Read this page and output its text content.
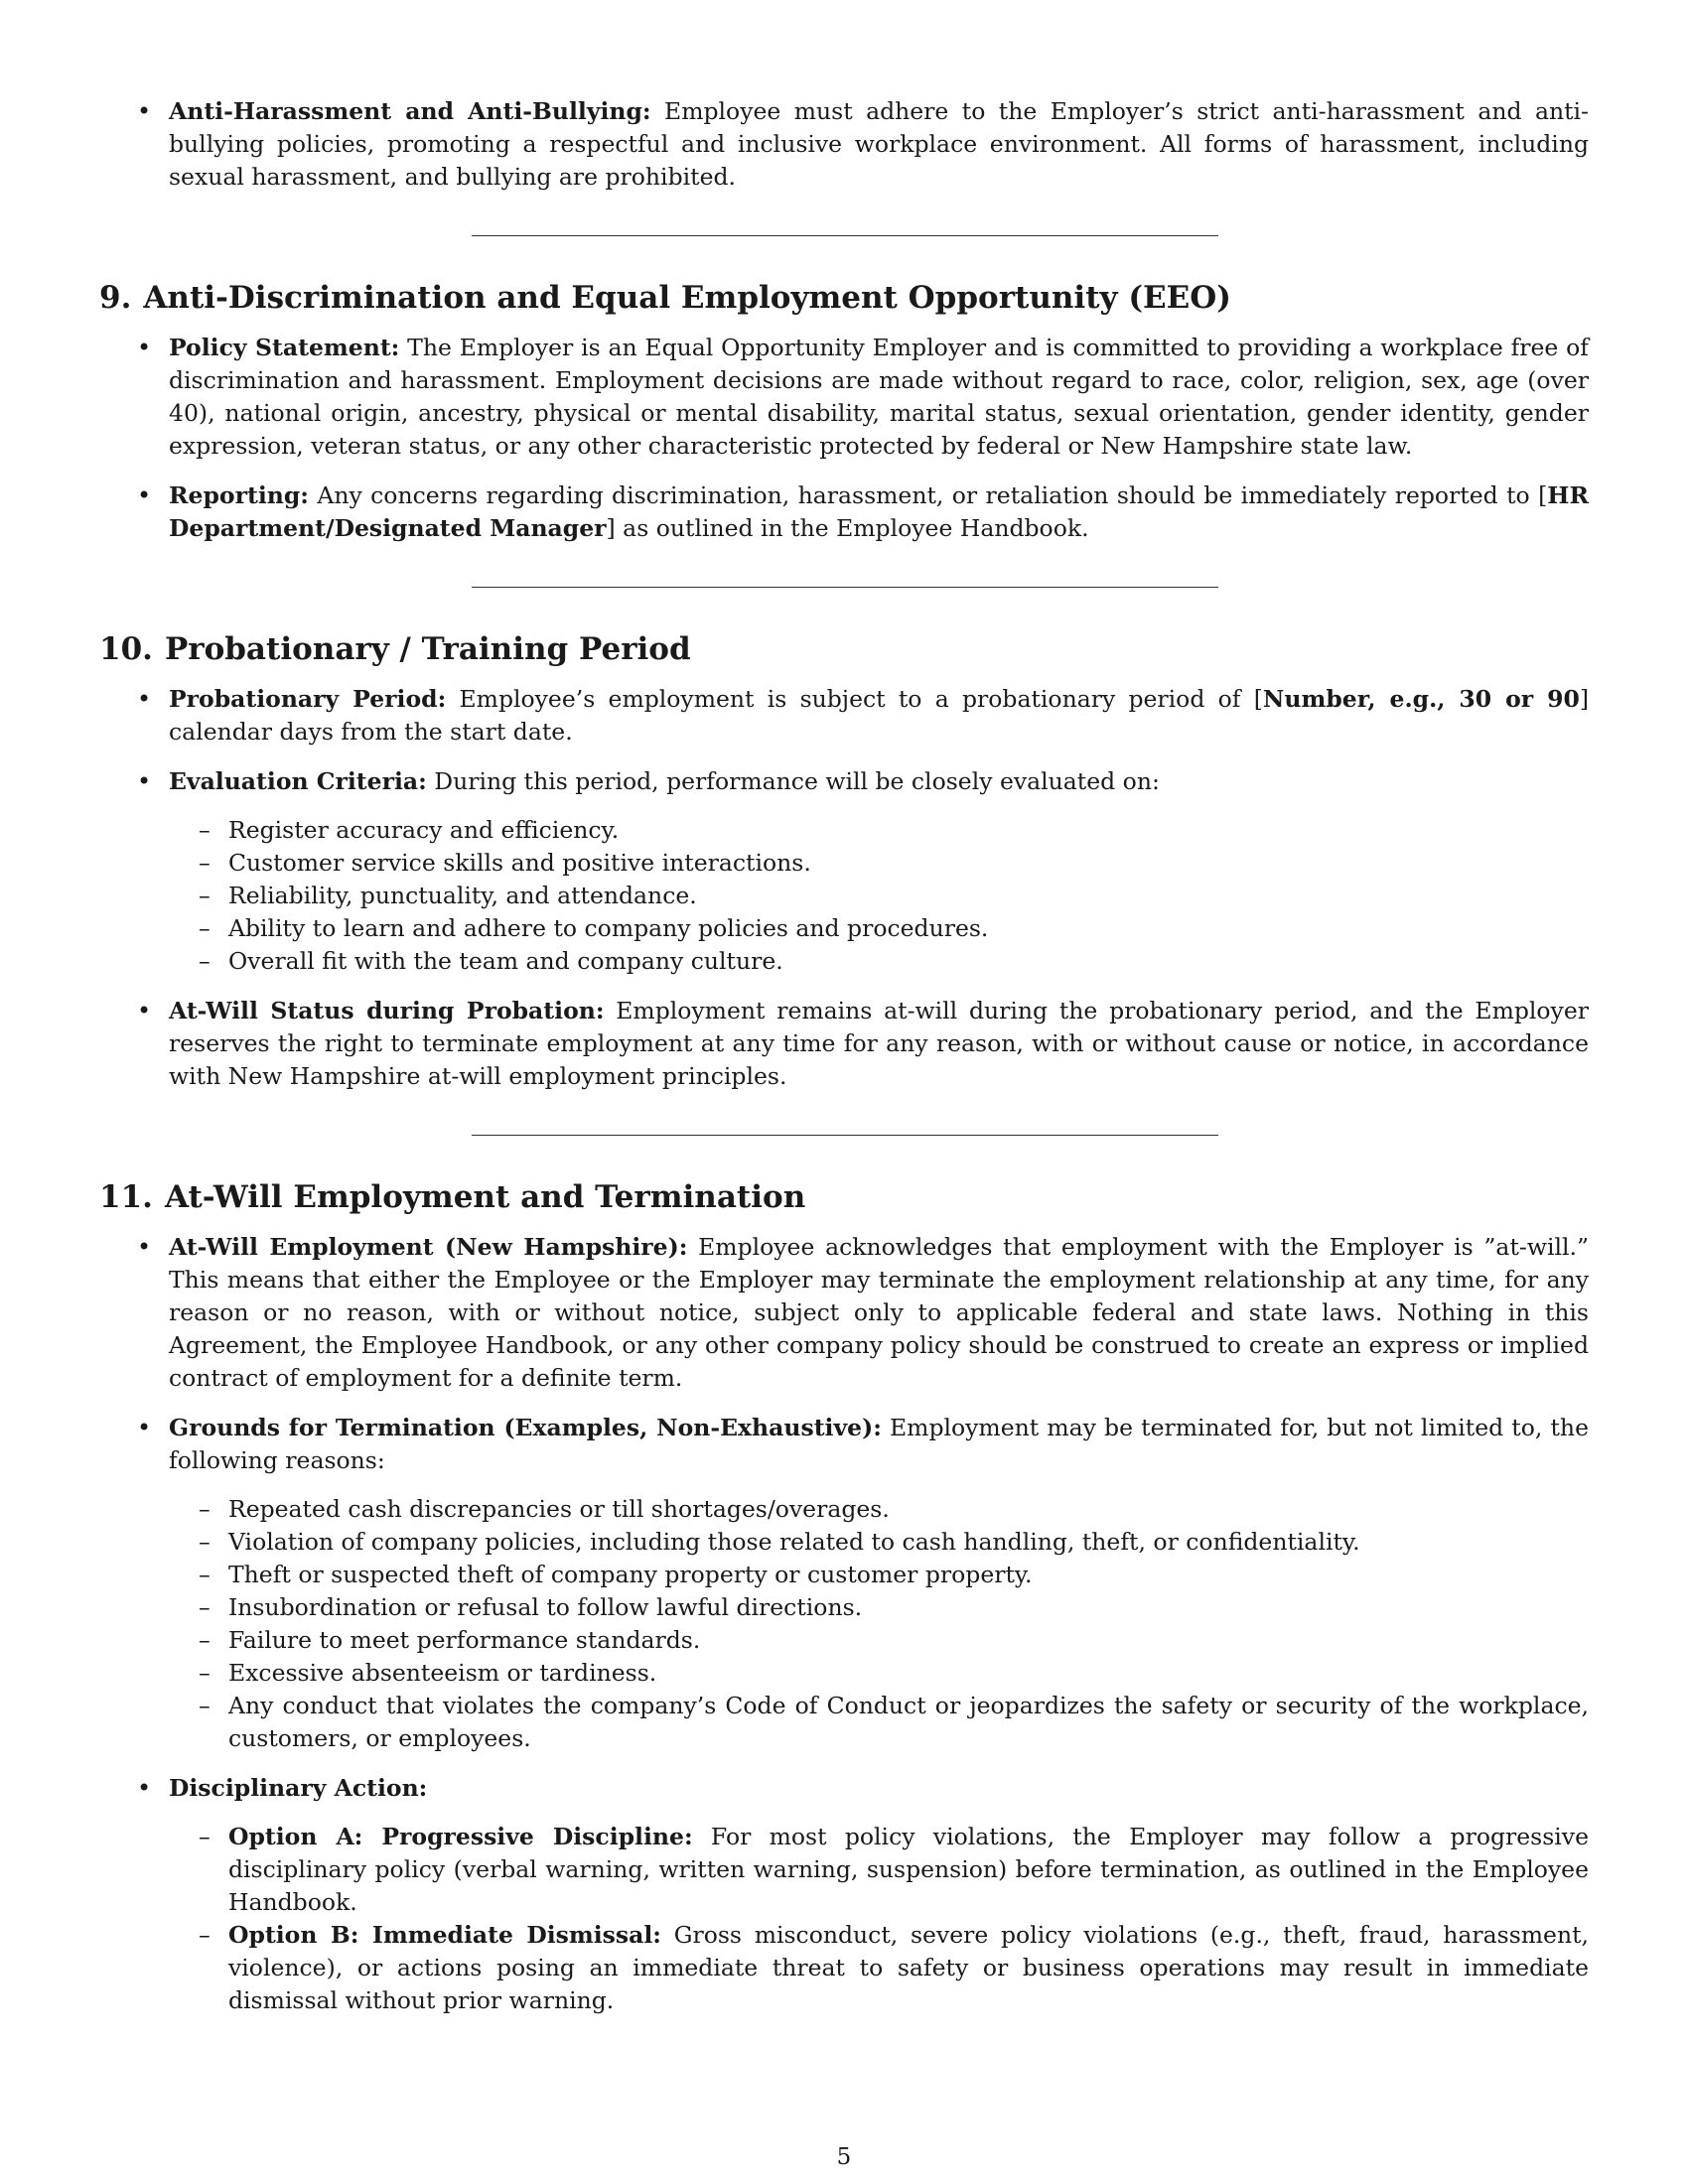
• Anti-Harassment and Anti-Bullying: Employee must adhere to the Employer’s strict anti-harassment and anti-bullying policies, promoting a respectful and inclusive workplace environment. All forms of harassment, including sexual harassment, and bullying are prohibited.
9. Anti-Discrimination and Equal Employment Opportunity (EEO)
• Policy Statement: The Employer is an Equal Opportunity Employer and is committed to providing a workplace free of discrimination and harassment. Employment decisions are made without regard to race, color, religion, sex, age (over 40), national origin, ancestry, physical or mental disability, marital status, sexual orientation, gender identity, gender expression, veteran status, or any other characteristic protected by federal or New Hampshire state law.
• Reporting: Any concerns regarding discrimination, harassment, or retaliation should be immediately reported to [HR Department/Designated Manager] as outlined in the Employee Handbook.
10. Probationary / Training Period
• Probationary Period: Employee’s employment is subject to a probationary period of [Number, e.g., 30 or 90] calendar days from the start date.
• Evaluation Criteria: During this period, performance will be closely evaluated on:
– Register accuracy and efficiency.
– Customer service skills and positive interactions.
– Reliability, punctuality, and attendance.
– Ability to learn and adhere to company policies and procedures.
– Overall fit with the team and company culture.
• At-Will Status during Probation: Employment remains at-will during the probationary period, and the Employer reserves the right to terminate employment at any time for any reason, with or without cause or notice, in accordance with New Hampshire at-will employment principles.
11. At-Will Employment and Termination
• At-Will Employment (New Hampshire): Employee acknowledges that employment with the Employer is ”at-will.” This means that either the Employee or the Employer may terminate the employment relationship at any time, for any reason or no reason, with or without notice, subject only to applicable federal and state laws. Nothing in this Agreement, the Employee Handbook, or any other company policy should be construed to create an express or implied contract of employment for a definite term.
• Grounds for Termination (Examples, Non-Exhaustive): Employment may be terminated for, but not limited to, the following reasons:
– Repeated cash discrepancies or till shortages/overages.
– Violation of company policies, including those related to cash handling, theft, or confidentiality.
– Theft or suspected theft of company property or customer property.
– Insubordination or refusal to follow lawful directions.
– Failure to meet performance standards.
– Excessive absenteeism or tardiness.
– Any conduct that violates the company’s Code of Conduct or jeopardizes the safety or security of the workplace, customers, or employees.
• Disciplinary Action:
– Option A: Progressive Discipline: For most policy violations, the Employer may follow a progressive disciplinary policy (verbal warning, written warning, suspension) before termination, as outlined in the Employee Handbook.
– Option B: Immediate Dismissal: Gross misconduct, severe policy violations (e.g., theft, fraud, harassment, violence), or actions posing an immediate threat to safety or business operations may result in immediate dismissal without prior warning.
5
